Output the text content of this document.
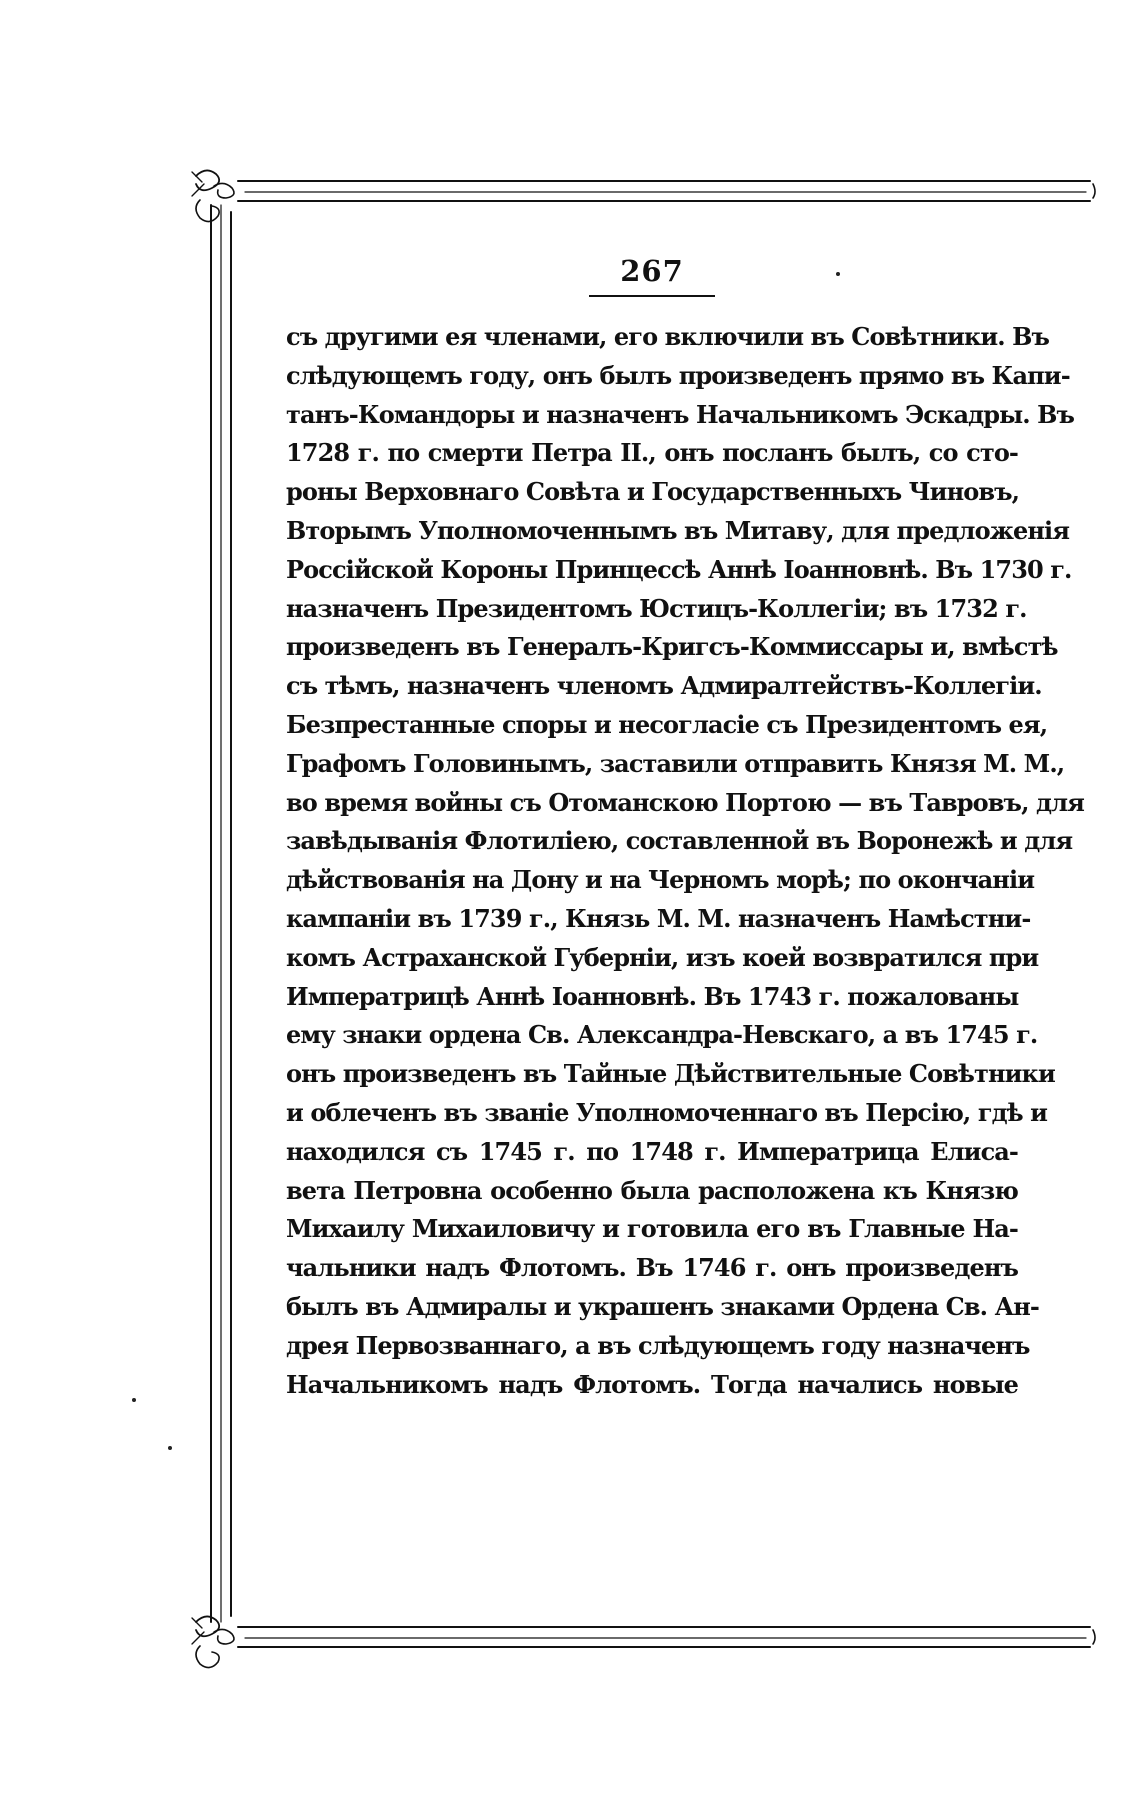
267
съ другими ея членами, его включили въ Совѣтники. Въ
слѣдующемъ году, онъ былъ произведенъ прямо въ Капи-
танъ-Командоры и назначенъ Начальникомъ Эскадры. Въ
1728 г. по смерти Петра II., онъ посланъ былъ, со сто-
роны Верховнаго Совѣта и Государственныхъ Чиновъ,
Вторымъ Уполномоченнымъ въ Митаву, для предложенія
Россійской Короны Принцессѣ Аннѣ Іоанновнѣ. Въ 1730 г.
назначенъ Президентомъ Юстицъ-Коллегіи; въ 1732 г.
произведенъ въ Генералъ-Кригсъ-Коммиссары и, вмѣстѣ
съ тѣмъ, назначенъ членомъ Адмиралтействъ-Коллегіи.
Безпрестанные споры и несогласіе съ Президентомъ ея,
Графомъ Головинымъ, заставили отправить Князя М. М.,
во время войны съ Отоманскою Портою — въ Тавровъ, для
завѣдыванія Флотиліею, составленной въ Воронежѣ и для
дѣйствованія на Дону и на Черномъ морѣ; по окончаніи
кампаніи въ 1739 г., Князь М. М. назначенъ Намѣстни-
комъ Астраханской Губерніи, изъ коей возвратился при
Императрицѣ Аннѣ Іоанновнѣ. Въ 1743 г. пожалованы
ему знаки ордена Св. Александра-Невскаго, а въ 1745 г.
онъ произведенъ въ Тайные Дѣйствительные Совѣтники
и облеченъ въ званіе Уполномоченнаго въ Персію, гдѣ и
находился съ 1745 г. по 1748 г. Императрица Елиса-
вета Петровна особенно была расположена къ Князю
Михаилу Михаиловичу и готовила его въ Главные На-
чальники надъ Флотомъ. Въ 1746 г. онъ произведенъ
былъ въ Адмиралы и украшенъ знаками Ордена Св. Ан-
дрея Первозваннаго, а въ слѣдующемъ году назначенъ
Начальникомъ надъ Флотомъ. Тогда начались новые
